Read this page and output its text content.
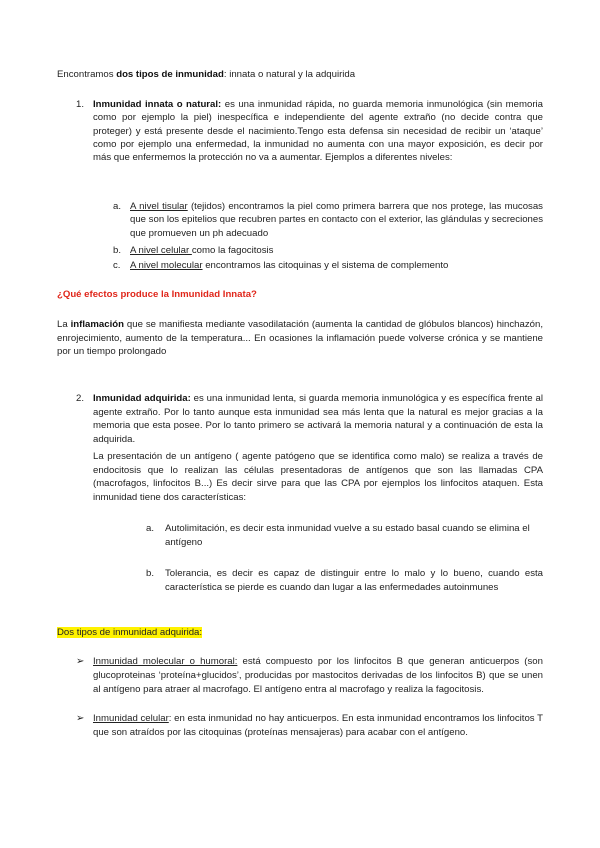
Encontramos dos tipos de inmunidad: innata o natural y la adquirida

1. Inmunidad innata o natural: es una inmunidad rápida, no guarda memoria inmunológica (sin memoria como por ejemplo la piel) inespecífica e independiente del agente extraño (no decide contra que proteger) y está presente desde el nacimiento.Tengo esta defensa sin necesidad de recibir un ‘ataque’ como por ejemplo una enfermedad, la inmunidad no aumenta con una mayor exposición, es decir por más que enfermemos la protección no va a aumentar. Ejemplos a diferentes niveles:

a. A nivel tisular (tejidos) encontramos la piel como primera barrera que nos protege, las mucosas que son los epitelios que recubren partes en contacto con el exterior, las glándulas y secreciones que promueven un ph adecuado

b. A nivel celular como la fagocitosis

c. A nivel molecular encontramos las citoquinas y el sistema de complemento

¿Qué efectos produce la Inmunidad Innata?

La inflamación que se manifiesta mediante vasodilatación (aumenta la cantidad de glóbulos blancos) hinchazón, enrojecimiento, aumento de la temperatura... En ocasiones la inflamación puede volverse crónica y se mantiene por un tiempo prolongado

2. Inmunidad adquirida: es una inmunidad lenta, si guarda memoria inmunológica y es específica frente al agente extraño. Por lo tanto aunque esta inmunidad sea más lenta que la natural es mejor gracias a la memoria que esta posee. Por lo tanto primero se activará la memoria natural y a continuación de esta la adquirida.

La presentación de un antígeno ( agente patógeno que se identifica como malo) se realiza a través de endocitosis que lo realizan las células presentadoras de antígenos que son las llamadas CPA (macrofagos, linfocitos B...) Es decir sirve para que las CPA por ejemplos los linfocitos ataquen. Esta inmunidad tiene dos características:

a. Autolimitación, es decir esta inmunidad vuelve a su estado basal cuando se elimina el antígeno

b. Tolerancia, es decir es capaz de distinguir entre lo malo y lo bueno, cuando esta característica se pierde es cuando dan lugar a las enfermedades autoinmunes

Dos tipos de inmunidad adquirida:

➢ Inmunidad molecular o humoral: está compuesto por los linfocitos B que generan anticuerpos (son glucoproteinas ‘proteína+glucidos’, producidas por mastocitos derivadas de los linfocitos B) que se unen al antígeno para atraer al macrofago. El antígeno entra al macrofago y realiza la fagocitosis.

➢ Inmunidad celular: en esta inmunidad no hay anticuerpos. En esta inmunidad encontramos los linfocitos T que son atraídos por las citoquinas (proteínas mensajeras) para acabar con el antígeno.
